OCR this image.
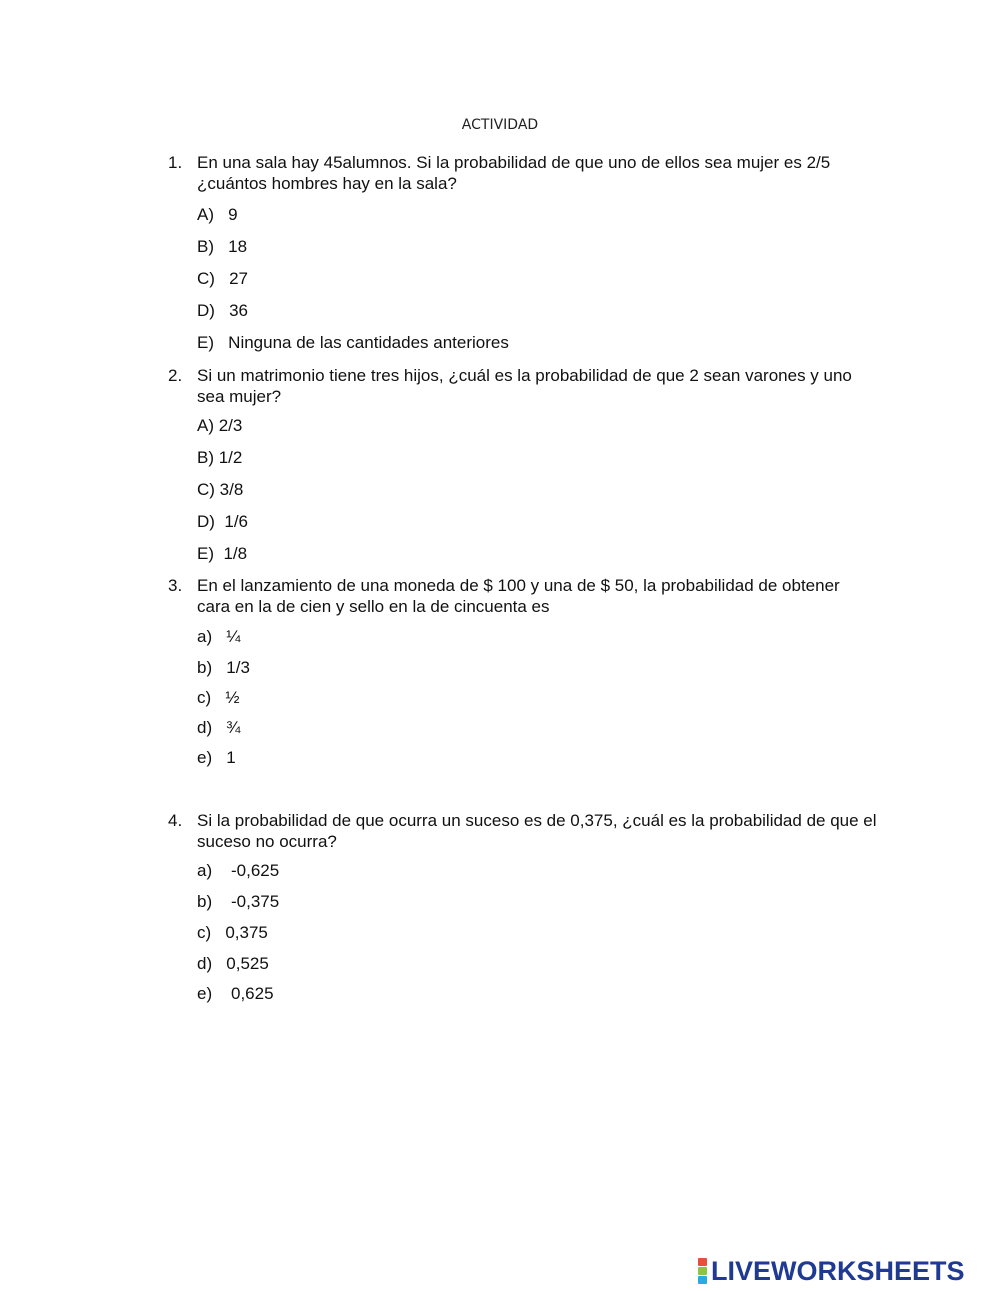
ACTIVIDAD
1. En una sala hay 45alumnos. Si la probabilidad de que uno de ellos sea mujer es 2/5 ¿cuántos hombres hay en la sala?
A)   9
B)   18
C)   27
D)   36
E)   Ninguna de las cantidades anteriores
2. Si un matrimonio tiene tres hijos, ¿cuál es la probabilidad de que 2 sean varones y uno sea mujer?
A) 2/3
B) 1/2
C) 3/8
D)  1/6
E)  1/8
3. En el lanzamiento de una moneda de $ 100 y una de $ 50, la probabilidad de obtener cara en la de cien y sello en la de cincuenta es
a)   ¼
b)   1/3
c)   ½
d)   ¾
e)   1
4. Si la probabilidad de que ocurra un suceso es de 0,375, ¿cuál es la probabilidad de que el suceso no ocurra?
a)    -0,625
b)    -0,375
c)   0,375
d)   0,525
e)    0,625
LIVEWORKSHEETS
